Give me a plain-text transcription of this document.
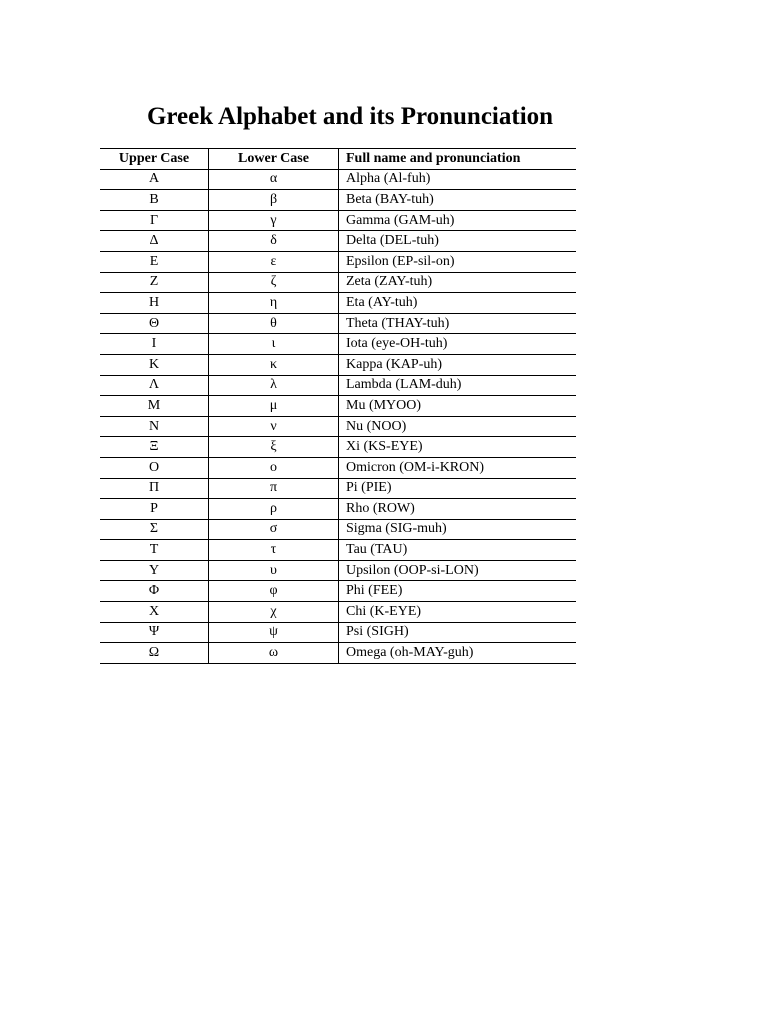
Greek Alphabet and its Pronunciation
Upper Case	Lower Case	Full name and pronunciation
Α	α	Alpha (Al-fuh)
Β	β	Beta (BAY-tuh)
Γ	γ	Gamma (GAM-uh)
Δ	δ	Delta (DEL-tuh)
Ε	ε	Epsilon (EP-sil-on)
Ζ	ζ	Zeta (ZAY-tuh)
Η	η	Eta (AY-tuh)
Θ	θ	Theta (THAY-tuh)
Ι	ι	Iota (eye-OH-tuh)
Κ	κ	Kappa (KAP-uh)
Λ	λ	Lambda (LAM-duh)
Μ	μ	Mu (MYOO)
Ν	ν	Nu (NOO)
Ξ	ξ	Xi (KS-EYE)
Ο	ο	Omicron (OM-i-KRON)
Π	π	Pi (PIE)
Ρ	ρ	Rho (ROW)
Σ	σ	Sigma (SIG-muh)
Τ	τ	Tau (TAU)
Υ	υ	Upsilon (OOP-si-LON)
Φ	φ	Phi (FEE)
Χ	χ	Chi (K-EYE)
Ψ	ψ	Psi (SIGH)
Ω	ω	Omega (oh-MAY-guh)
